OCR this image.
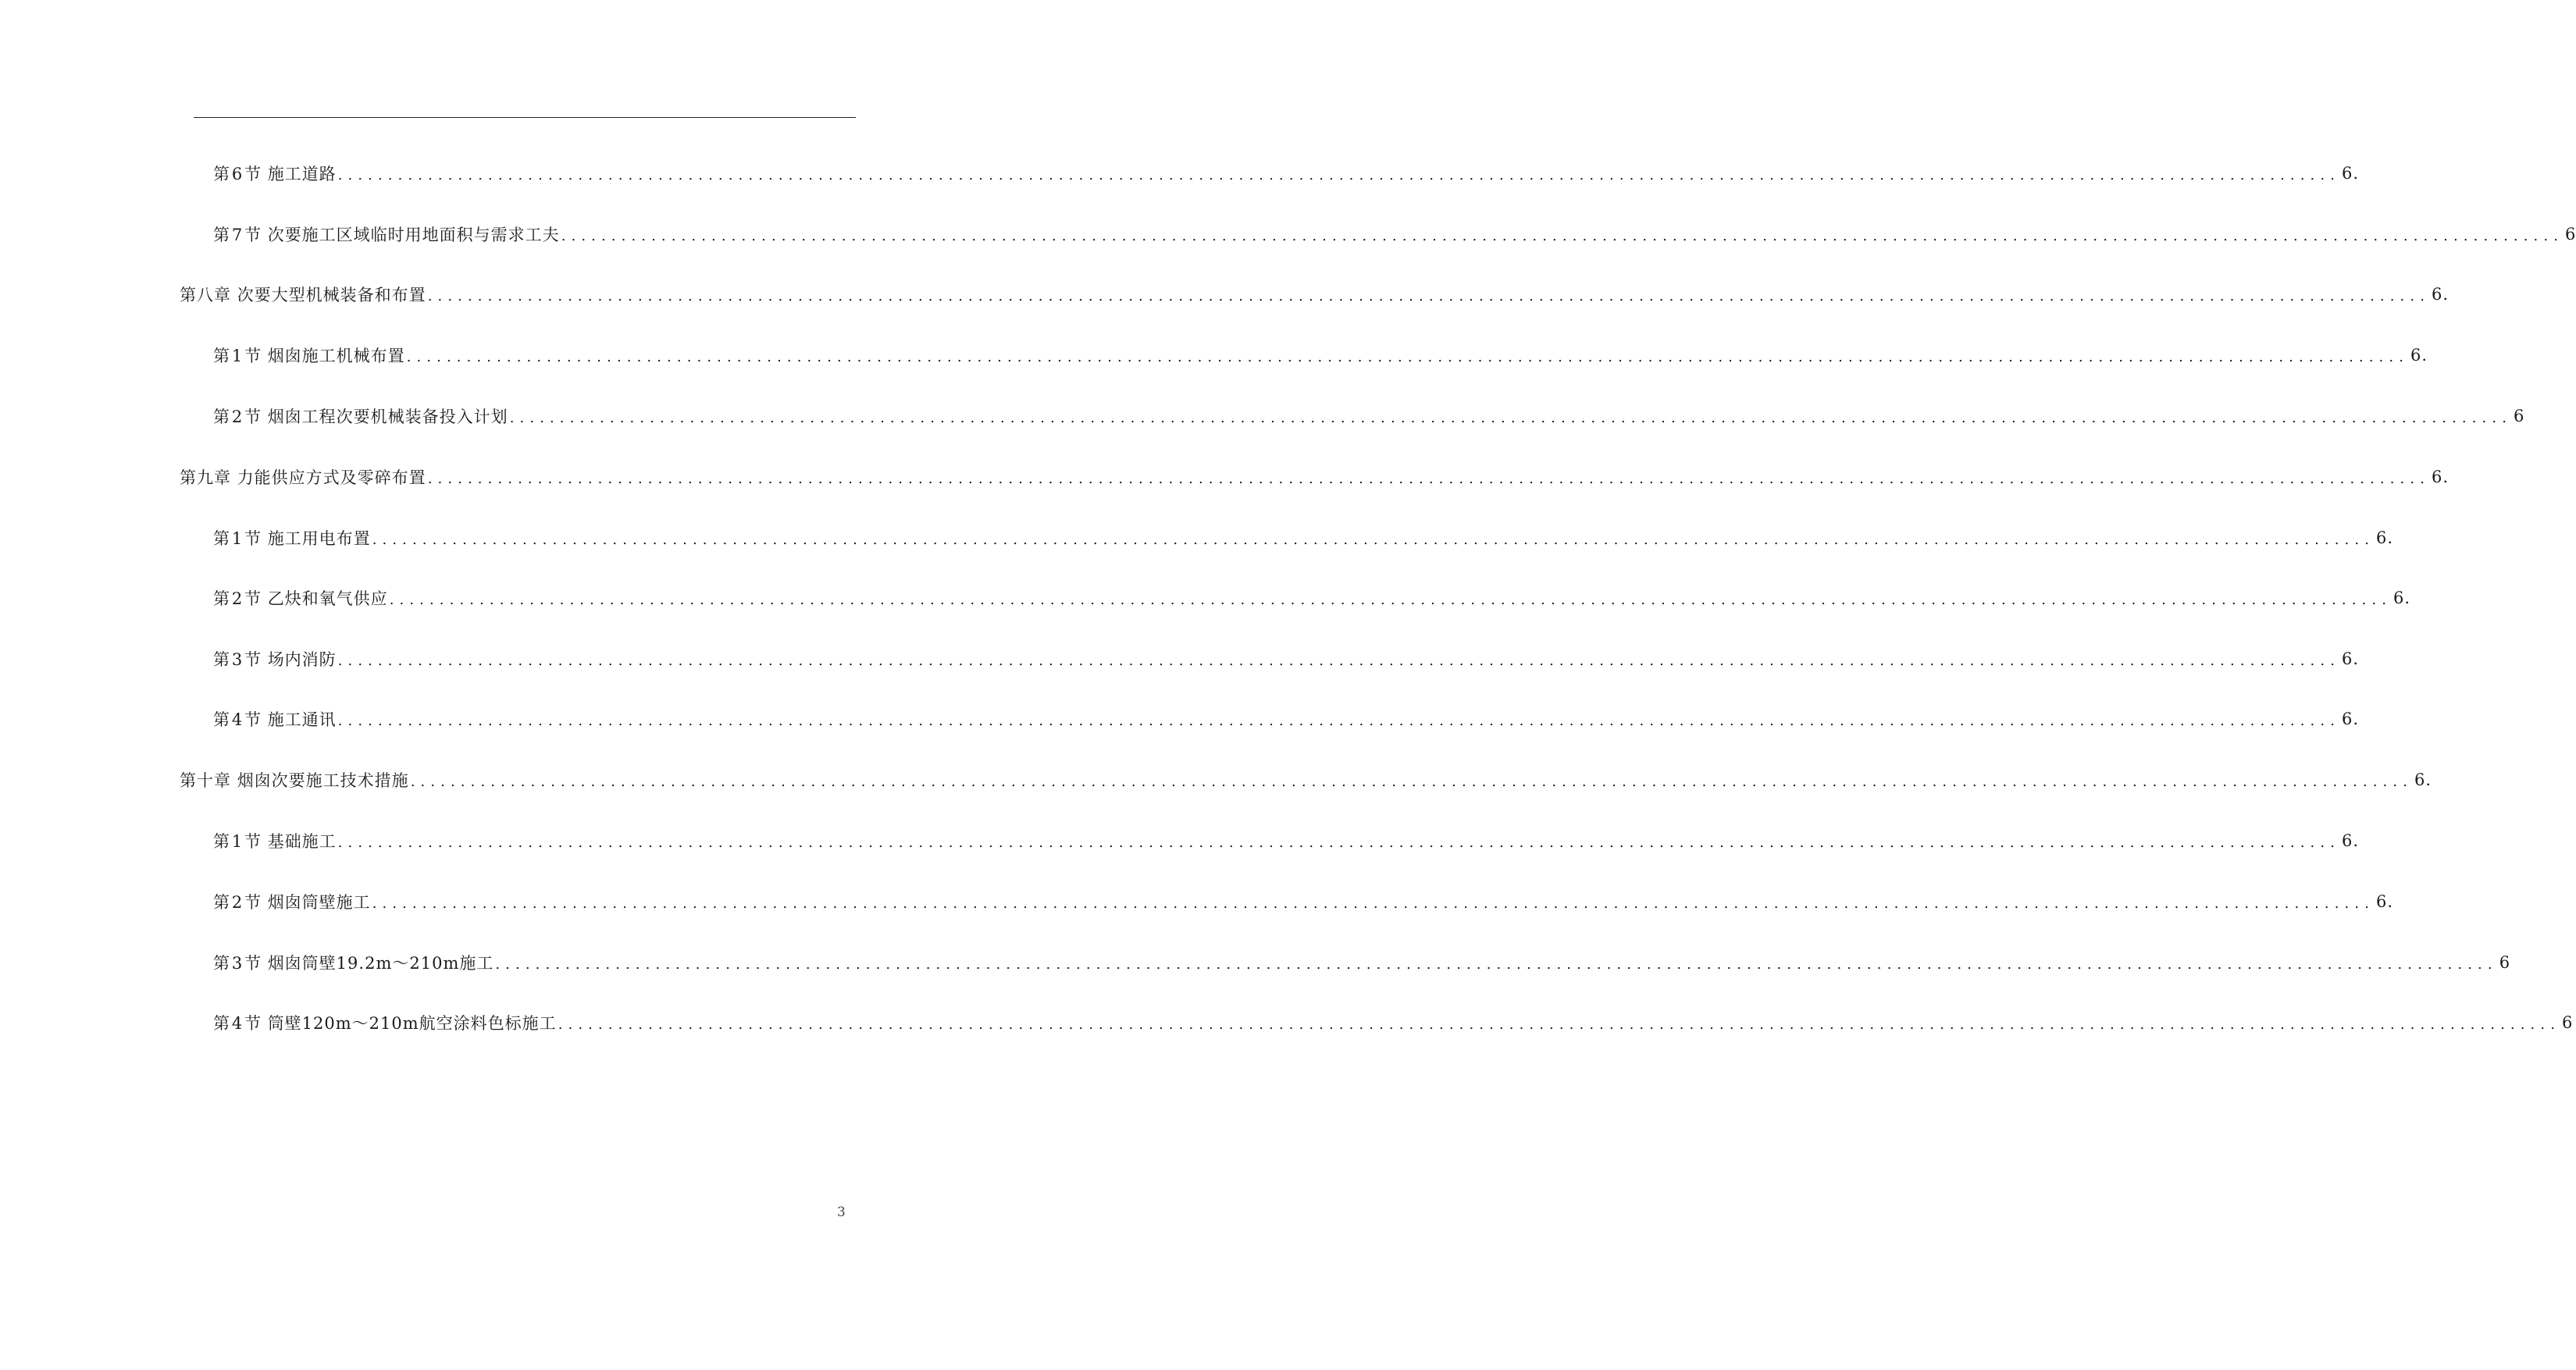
第6节 施工道路 ........................................................................................................................................................................................................ 6.
第7节 次要施工区域临时用地面积与需求工夫 ........................................................................................................................................................................................................ 6
第八章 次要大型机械装备和布置 ........................................................................................................................................................................................................ 6.
第1节 烟囱施工机械布置 ........................................................................................................................................................................................................ 6.
第2节 烟囱工程次要机械装备投入计划 ........................................................................................................................................................................................................ 6
第九章 力能供应方式及零碎布置 ........................................................................................................................................................................................................ 6.
第1节 施工用电布置 ........................................................................................................................................................................................................ 6.
第2节 乙炔和氧气供应 ........................................................................................................................................................................................................ 6.
第3节 场内消防 ........................................................................................................................................................................................................ 6.
第4节 施工通讯 ........................................................................................................................................................................................................ 6.
第十章 烟囱次要施工技术措施 ........................................................................................................................................................................................................ 6.
第1节 基础施工 ........................................................................................................................................................................................................ 6.
第2节 烟囱筒壁施工 ........................................................................................................................................................................................................ 6.
第3节 烟囱筒壁19.2m～210m施工 ........................................................................................................................................................................................................ 6
第4节 筒壁120m～210m航空涂料色标施工 ........................................................................................................................................................................................................ 6
3
